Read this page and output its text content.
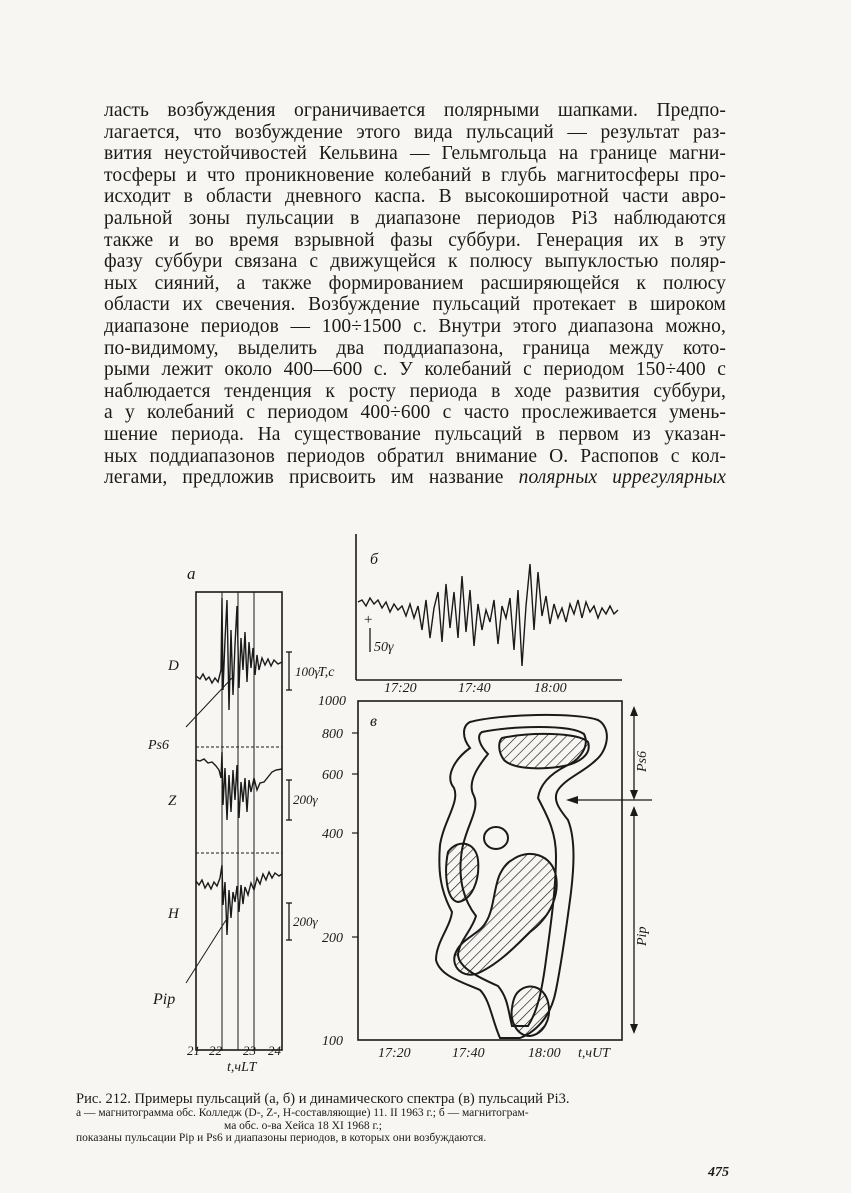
ласть возбуждения ограничивается полярными шапками. Предпо-
лагается, что возбуждение этого вида пульсаций — результат раз-
вития неустойчивостей Кельвина — Гельмгольца на границе магни-
тосферы и что проникновение колебаний в глубь магнитосферы про-
исходит в области дневного каспа. В высокоширотной части авро-
ральной зоны пульсации в диапазоне периодов Pi3 наблюдаются
также и во время взрывной фазы суббури. Генерация их в эту
фазу суббури связана с движущейся к полюсу выпуклостью поляр-
ных сияний, а также формированием расширяющейся к полюсу
области их свечения. Возбуждение пульсаций протекает в широком
диапазоне периодов — 100÷1500 с. Внутри этого диапазона можно,
по-видимому, выделить два поддиапазона, граница между кото-
рыми лежит около 400—600 с. У колебаний с периодом 150÷400 с
наблюдается тенденция к росту периода в ходе развития суббури,
а у колебаний с периодом 400÷600 с часто прослеживается умень-
шение периода. На существование пульсаций в первом из указан-
ных поддиапазонов периодов обратил внимание О. Распопов с кол-
легами, предложив присвоить им название полярных иррегулярных
а
D
Z
H
100γ
200γ
200γ
Ps6
Pip
21 22 23 24
t,чLT
б
+
50γ
17:20	17:40	18:00
в
T,c
1000
800
600
400
200
100
17:20	17:40	18:00 t,чUT
Ps6
Pip
Рис. 212. Примеры пульсаций (а, б) и динамического спектра (в) пульсаций Pi3.
а — магнитограмма обс. Колледж (D-, Z-, H-составляющие) 11. II 1963 г.; б — магнитограм-
ма обс. о-ва Хейса 18 XI 1968 г.;
показаны пульсации Pip и Ps6 и диапазоны периодов, в которых они возбуждаются.
475
